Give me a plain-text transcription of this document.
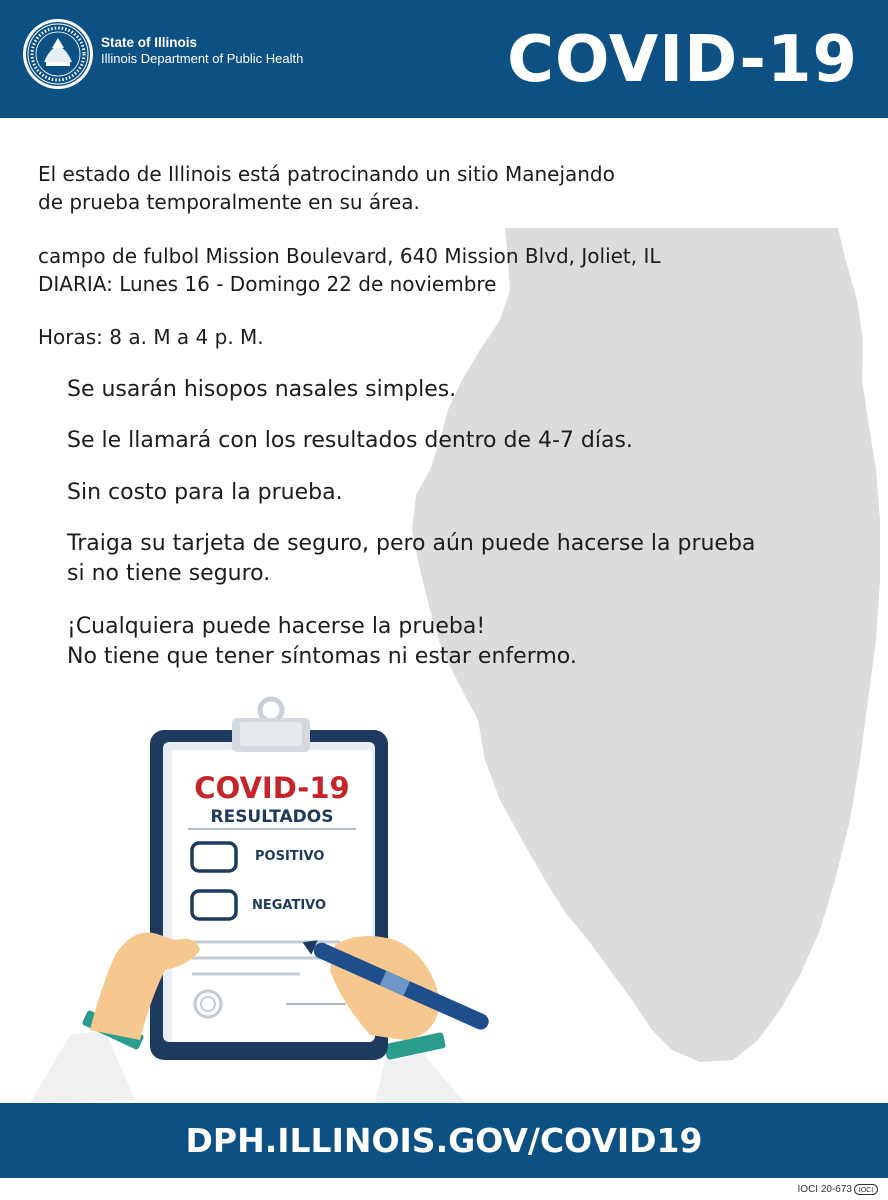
State of Illinois
Illinois Department of Public Health	COVID-19
El estado de Illinois está patrocinando un sitio Manejando
de prueba temporalmente en su área.
campo de fulbol Mission Boulevard, 640 Mission Blvd, Joliet, IL
DIARIA: Lunes 16 - Domingo 22 de noviembre
Horas: 8 a. M a 4 p. M.
Se usarán hisopos nasales simples.
Se le llamará con los resultados dentro de 4-7 días.
Sin costo para la prueba.
Traiga su tarjeta de seguro, pero aún puede hacerse la prueba
si no tiene seguro.
¡Cualquiera puede hacerse la prueba!
No tiene que tener síntomas ni estar enfermo.
COVID-19
RESULTADOS
POSITIVO
NEGATIVO
DPH.ILLINOIS.GOV/COVID19
IOCI 20-673 IOCI
